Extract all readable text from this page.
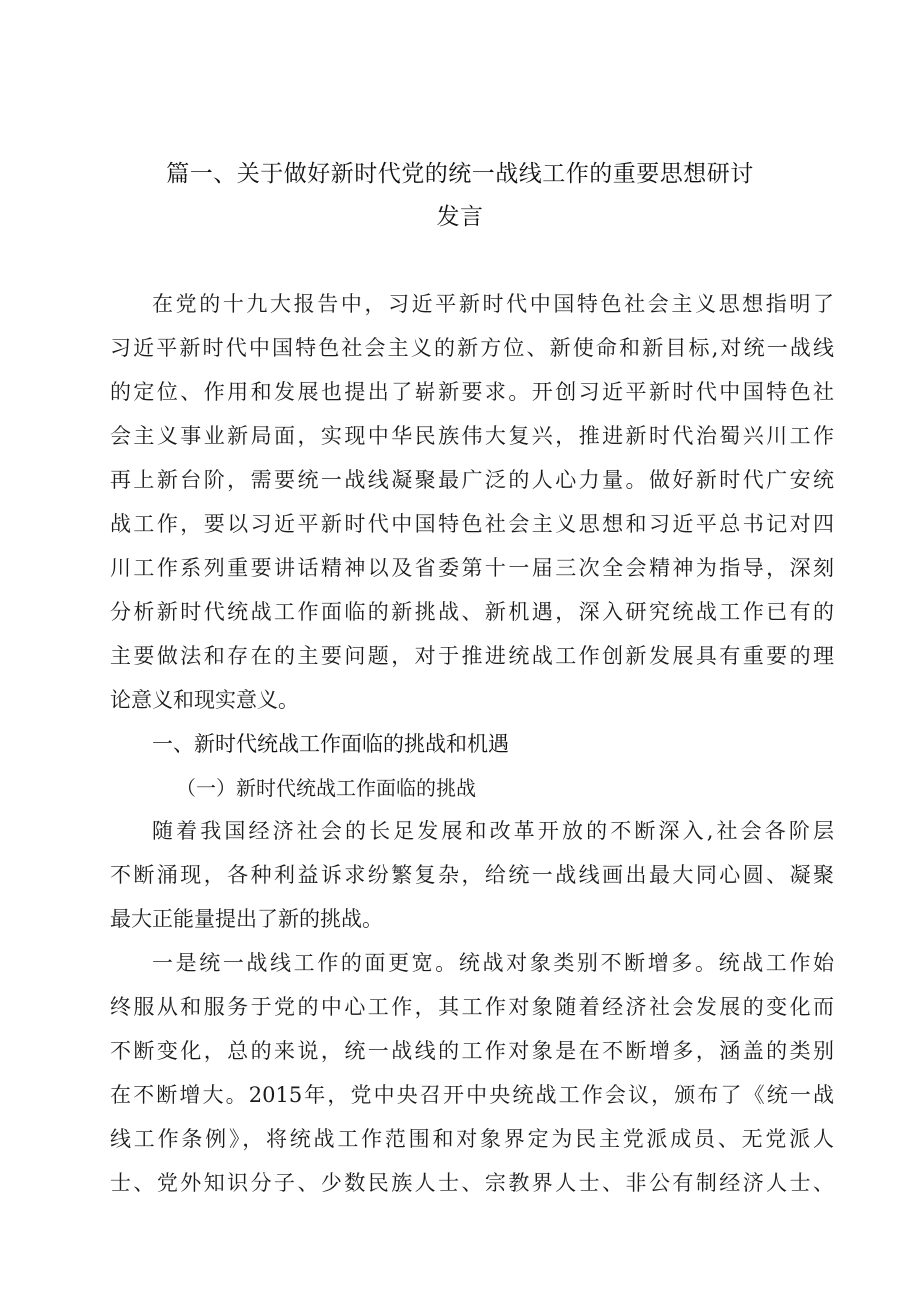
篇一、关于做好新时代党的统一战线工作的重要思想研讨
发言
在党的十九大报告中，习近平新时代中国特色社会主义思想指明了
习近平新时代中国特色社会主义的新方位、新使命和新目标,对统一战线
的定位、作用和发展也提出了崭新要求。开创习近平新时代中国特色社
会主义事业新局面，实现中华民族伟大复兴，推进新时代治蜀兴川工作
再上新台阶，需要统一战线凝聚最广泛的人心力量。做好新时代广安统
战工作，要以习近平新时代中国特色社会主义思想和习近平总书记对四
川工作系列重要讲话精神以及省委第十一届三次全会精神为指导，深刻
分析新时代统战工作面临的新挑战、新机遇，深入研究统战工作已有的
主要做法和存在的主要问题，对于推进统战工作创新发展具有重要的理
论意义和现实意义。
一、新时代统战工作面临的挑战和机遇
（一）新时代统战工作面临的挑战
随着我国经济社会的长足发展和改革开放的不断深入,社会各阶层
不断涌现，各种利益诉求纷繁复杂，给统一战线画出最大同心圆、凝聚
最大正能量提出了新的挑战。
一是统一战线工作的面更宽。统战对象类别不断增多。统战工作始
终服从和服务于党的中心工作，其工作对象随着经济社会发展的变化而
不断变化，总的来说，统一战线的工作对象是在不断增多，涵盖的类别
在不断增大。2015年，党中央召开中央统战工作会议，颁布了《统一战
线工作条例》，将统战工作范围和对象界定为民主党派成员、无党派人
士、党外知识分子、少数民族人士、宗教界人士、非公有制经济人士、
